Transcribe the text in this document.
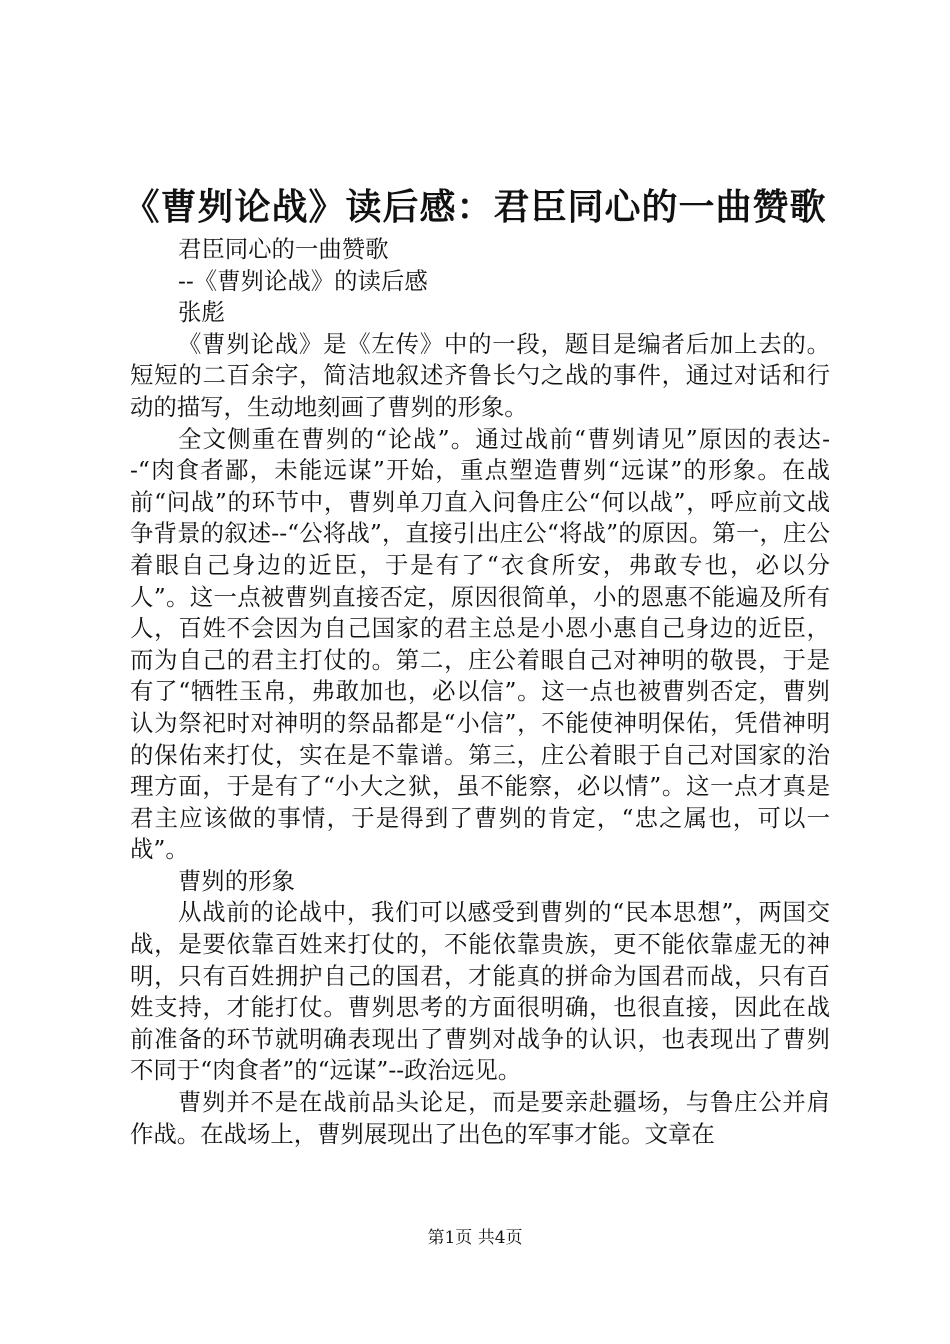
《曹刿论战》读后感：君臣同心的一曲赞歌

君臣同心的一曲赞歌

--《曹刿论战》的读后感

张彪

《曹刿论战》是《左传》中的一段，题目是编者后加上去的。短短的二百余字，简洁地叙述齐鲁长勺之战的事件，通过对话和行动的描写，生动地刻画了曹刿的形象。

全文侧重在曹刿的“论战”。通过战前“曹刿请见”原因的表达--“肉食者鄙，未能远谋”开始，重点塑造曹刿“远谋”的形象。在战前“问战”的环节中，曹刿单刀直入问鲁庄公“何以战”，呼应前文战争背景的叙述--“公将战”，直接引出庄公“将战”的原因。第一，庄公着眼自己身边的近臣，于是有了“衣食所安，弗敢专也，必以分人”。这一点被曹刿直接否定，原因很简单，小的恩惠不能遍及所有人，百姓不会因为自己国家的君主总是小恩小惠自己身边的近臣，而为自己的君主打仗的。第二，庄公着眼自己对神明的敬畏，于是有了“牺牲玉帛，弗敢加也，必以信”。这一点也被曹刿否定，曹刿认为祭祀时对神明的祭品都是“小信”，不能使神明保佑，凭借神明的保佑来打仗，实在是不靠谱。第三，庄公着眼于自己对国家的治理方面，于是有了“小大之狱，虽不能察，必以情”。这一点才真是君主应该做的事情，于是得到了曹刿的肯定，“忠之属也，可以一战”。

曹刿的形象

从战前的论战中，我们可以感受到曹刿的“民本思想”，两国交战，是要依靠百姓来打仗的，不能依靠贵族，更不能依靠虚无的神明，只有百姓拥护自己的国君，才能真的拼命为国君而战，只有百姓支持，才能打仗。曹刿思考的方面很明确，也很直接，因此在战前准备的环节就明确表现出了曹刿对战争的认识，也表现出了曹刿不同于“肉食者”的“远谋”--政治远见。

曹刿并不是在战前品头论足，而是要亲赴疆场，与鲁庄公并肩作战。在战场上，曹刿展现出了出色的军事才能。文章在

第1页 共4页
